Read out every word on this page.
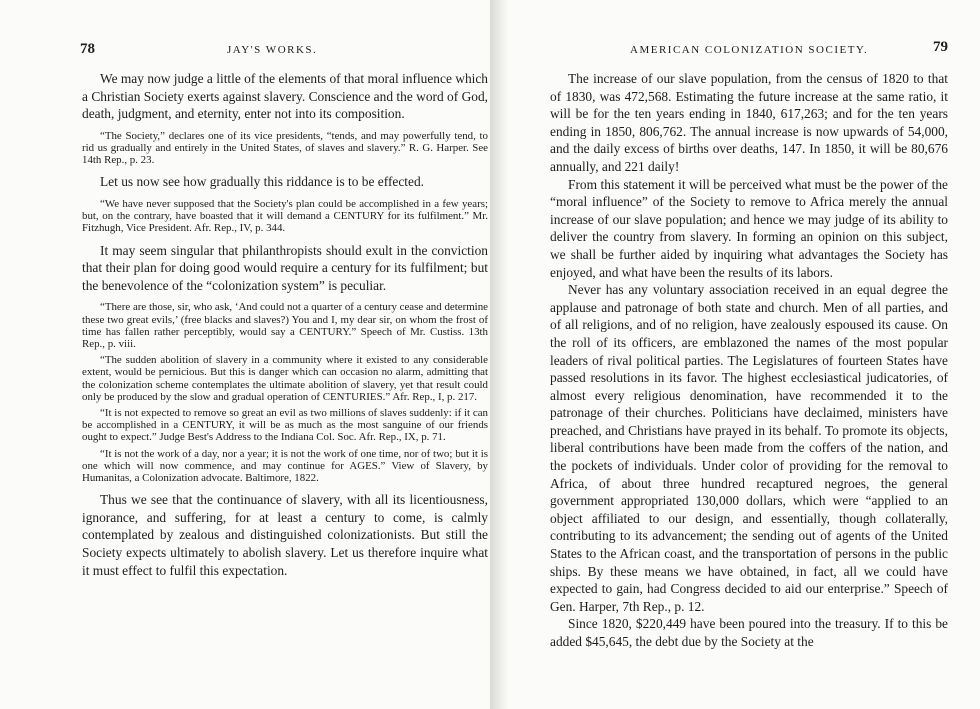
78	JAY'S WORKS.

We may now judge a little of the elements of that moral influence which a Christian Society exerts against slavery. Conscience and the word of God, death, judgment, and eternity, enter not into its composition.

“The Society,” declares one of its vice presidents, “tends, and may powerfully tend, to rid us gradually and entirely in the United States, of slaves and slavery.” R. G. Harper. See 14th Rep., p. 23.

Let us now see how gradually this riddance is to be effected.

“We have never supposed that the Society's plan could be accomplished in a few years; but, on the contrary, have boasted that it will demand a CENTURY for its fulfilment.” Mr. Fitzhugh, Vice President. Afr. Rep., IV, p. 344.

It may seem singular that philanthropists should exult in the conviction that their plan for doing good would require a century for its fulfilment; but the benevolence of the “colonization system” is peculiar.

“There are those, sir, who ask, ‘And could not a quarter of a century cease and determine these two great evils,’ (free blacks and slaves?) You and I, my dear sir, on whom the frost of time has fallen rather perceptibly, would say a CENTURY.” Speech of Mr. Custiss. 13th Rep., p. viii.

“The sudden abolition of slavery in a community where it existed to any considerable extent, would be pernicious. But this is danger which can occasion no alarm, admitting that the colonization scheme contemplates the ultimate abolition of slavery, yet that result could only be produced by the slow and gradual operation of CENTURIES.” Afr. Rep., I, p. 217.

“It is not expected to remove so great an evil as two millions of slaves suddenly: if it can be accomplished in a CENTURY, it will be as much as the most sanguine of our friends ought to expect.” Judge Best's Address to the Indiana Col. Soc. Afr. Rep., IX, p. 71.

“It is not the work of a day, nor a year; it is not the work of one time, nor of two; but it is one which will now commence, and may continue for AGES.” View of Slavery, by Humanitas, a Colonization advocate. Baltimore, 1822.

Thus we see that the continuance of slavery, with all its licentiousness, ignorance, and suffering, for at least a century to come, is calmly contemplated by zealous and distinguished colonizationists. But still the Society expects ultimately to abolish slavery. Let us therefore inquire what it must effect to fulfil this expectation.

AMERICAN COLONIZATION SOCIETY.	79

The increase of our slave population, from the census of 1820 to that of 1830, was 472,568. Estimating the future increase at the same ratio, it will be for the ten years ending in 1840, 617,263; and for the ten years ending in 1850, 806,762. The annual increase is now upwards of 54,000, and the daily excess of births over deaths, 147. In 1850, it will be 80,676 annually, and 221 daily!

From this statement it will be perceived what must be the power of the “moral influence” of the Society to remove to Africa merely the annual increase of our slave population; and hence we may judge of its ability to deliver the country from slavery. In forming an opinion on this subject, we shall be further aided by inquiring what advantages the Society has enjoyed, and what have been the results of its labors.

Never has any voluntary association received in an equal degree the applause and patronage of both state and church. Men of all parties, and of all religions, and of no religion, have zealously espoused its cause. On the roll of its officers, are emblazoned the names of the most popular leaders of rival political parties. The Legislatures of fourteen States have passed resolutions in its favor. The highest ecclesiastical judicatories, of almost every religious denomination, have recommended it to the patronage of their churches. Politicians have declaimed, ministers have preached, and Christians have prayed in its behalf. To promote its objects, liberal contributions have been made from the coffers of the nation, and the pockets of individuals. Under color of providing for the removal to Africa, of about three hundred recaptured negroes, the general government appropriated 130,000 dollars, which were “applied to an object affiliated to our design, and essentially, though collaterally, contributing to its advancement; the sending out of agents of the United States to the African coast, and the transportation of persons in the public ships. By these means we have obtained, in fact, all we could have expected to gain, had Congress decided to aid our enterprise.” Speech of Gen. Harper, 7th Rep., p. 12.

Since 1820, $220,449 have been poured into the treasury. If to this be added $45,645, the debt due by the Society at the
